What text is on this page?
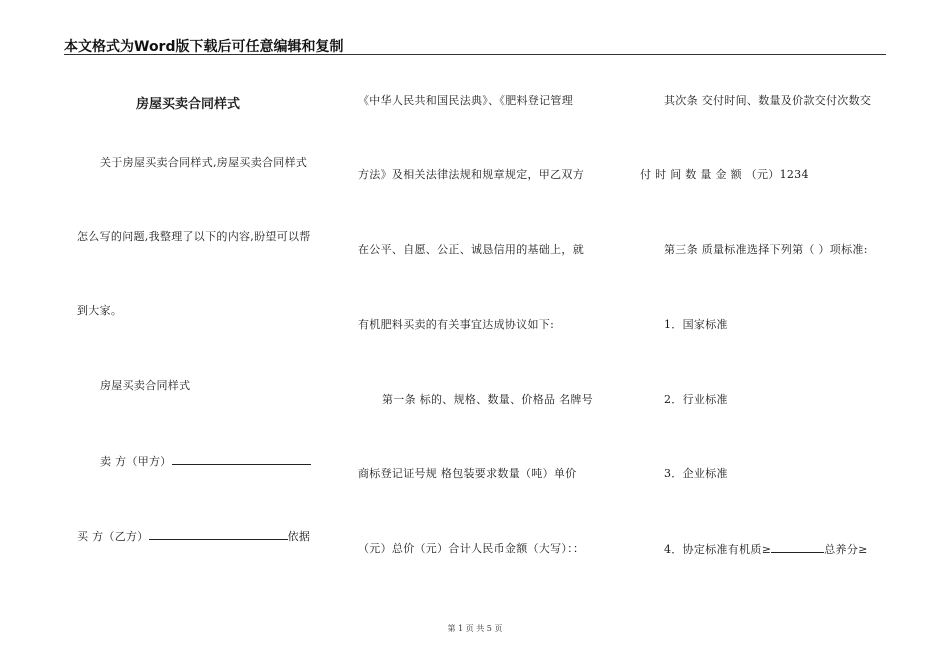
本文格式为Word版下载后可任意编辑和复制
房屋买卖合同样式
关于房屋买卖合同样式,房屋买卖合同样式
怎么写的问题,我整理了以下的内容,盼望可以帮
到大家。
房屋买卖合同样式
卖 方（甲方）
买 方（乙方）	依据
《中华人民共和国民法典》、《肥料登记管理
方法》及相关法律法规和规章规定，甲乙双方
在公平、自愿、公正、诚恳信用的基础上，就
有机肥料买卖的有关事宜达成协议如下:
第一条 标的、规格、数量、价格品 名牌号
商标登记证号规 格包装要求数量（吨）单价
（元）总价（元）合计人民币金额（大写）：：
其次条 交付时间、数量及价款交付次数交
付 时 间 数 量 金 额 （元）1234
第三条 质量标准选择下列第（ ）项标准:
1．国家标准
2．行业标准
3．企业标准
4．协定标准有机质≥	总养分≥
第 1 页 共 5 页
